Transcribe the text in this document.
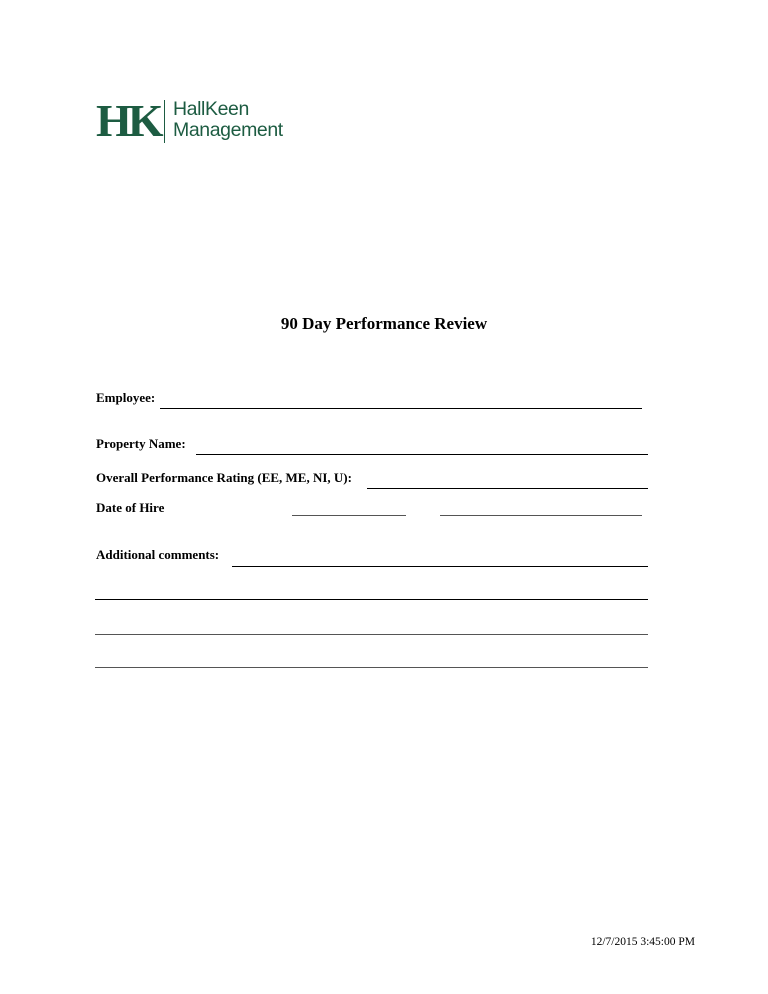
HK HallKeen
Management
90 Day Performance Review
Employee:
Property Name:
Overall Performance Rating (EE, ME, NI, U):
Date of Hire
Additional comments:
12/7/2015 3:45:00 PM
